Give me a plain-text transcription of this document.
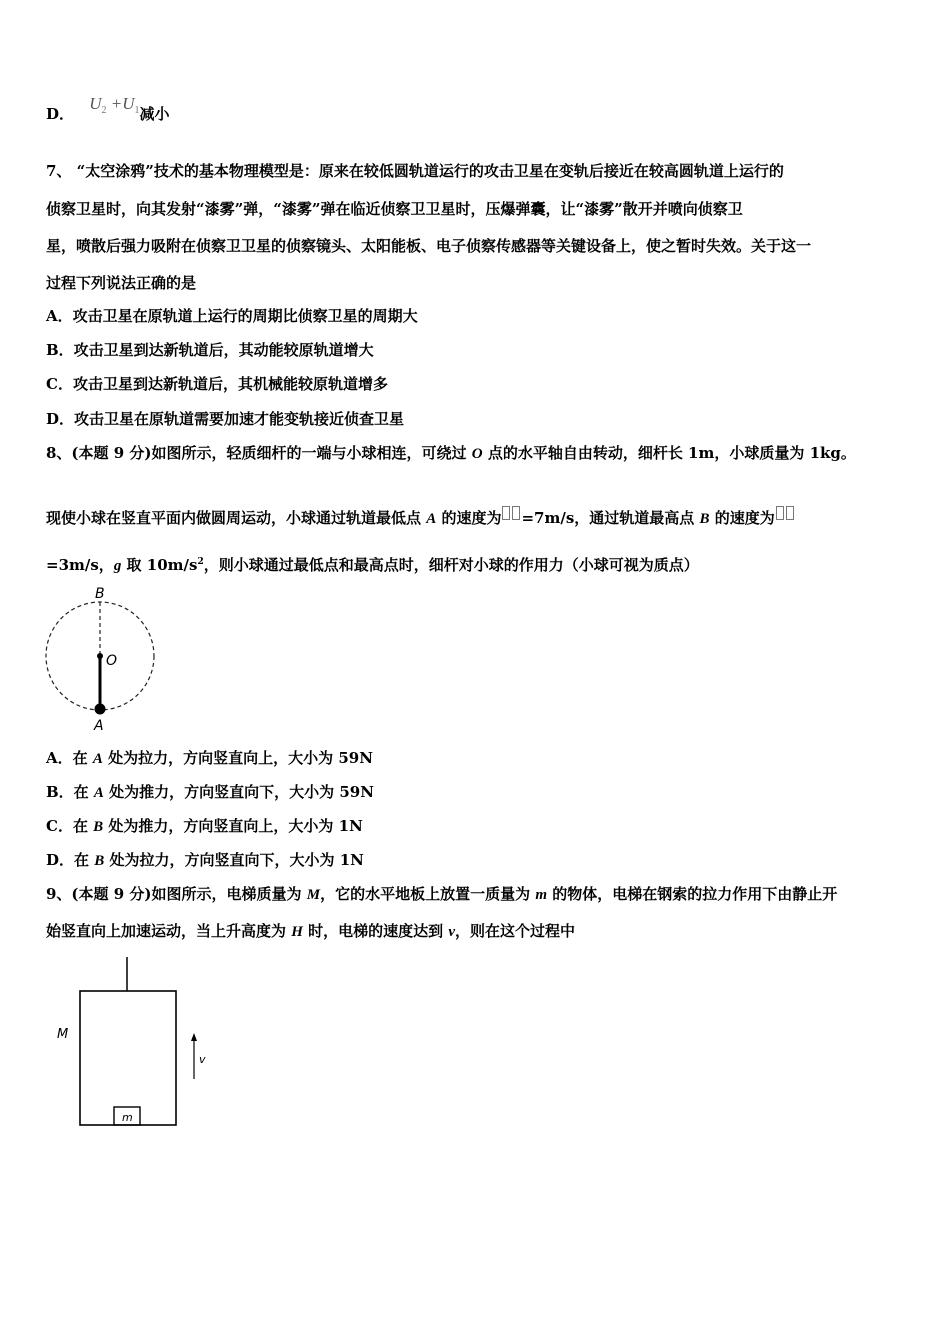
D． $U_2 +U_1$减小
7、 “太空涂鸦”技术的基本物理模型是：原来在较低圆轨道运行的攻击卫星在变轨后接近在较高圆轨道上运行的
侦察卫星时，向其发射“漆雾”弹，“漆雾”弹在临近侦察卫卫星时，压爆弹囊，让“漆雾”散开并喷向侦察卫
星，喷散后强力吸附在侦察卫卫星的侦察镜头、太阳能板、电子侦察传感器等关键设备上，使之暂时失效。关于这一
过程下列说法正确的是
A．攻击卫星在原轨道上运行的周期比侦察卫星的周期大
B．攻击卫星到达新轨道后，其动能较原轨道增大
C．攻击卫星到达新轨道后，其机械能较原轨道增多
D．攻击卫星在原轨道需要加速才能变轨接近侦查卫星
8、(本题 9 分)如图所示，轻质细杆的一端与小球相连，可绕过 O 点的水平轴自由转动，细杆长 1m，小球质量为 1kg。
现使小球在竖直平面内做圆周运动，小球通过轨道最低点 A 的速度为 =7m/s，通过轨道最高点 B 的速度为
=3m/s，g 取 $10m/s^2$，则小球通过最低点和最高点时，细杆对小球的作用力（小球可视为质点）
B
O
A
A．在 A 处为拉力，方向竖直向上，大小为 59N
B．在 A 处为推力，方向竖直向下，大小为 59N
C．在 B 处为推力，方向竖直向上，大小为 1N
D．在 B 处为拉力，方向竖直向下，大小为 1N
9、(本题 9 分)如图所示，电梯质量为 M，它的水平地板上放置一质量为 m 的物体，电梯在钢索的拉力作用下由静止开
始竖直向上加速运动，当上升高度为 H 时，电梯的速度达到 v，则在这个过程中
m
M
v
